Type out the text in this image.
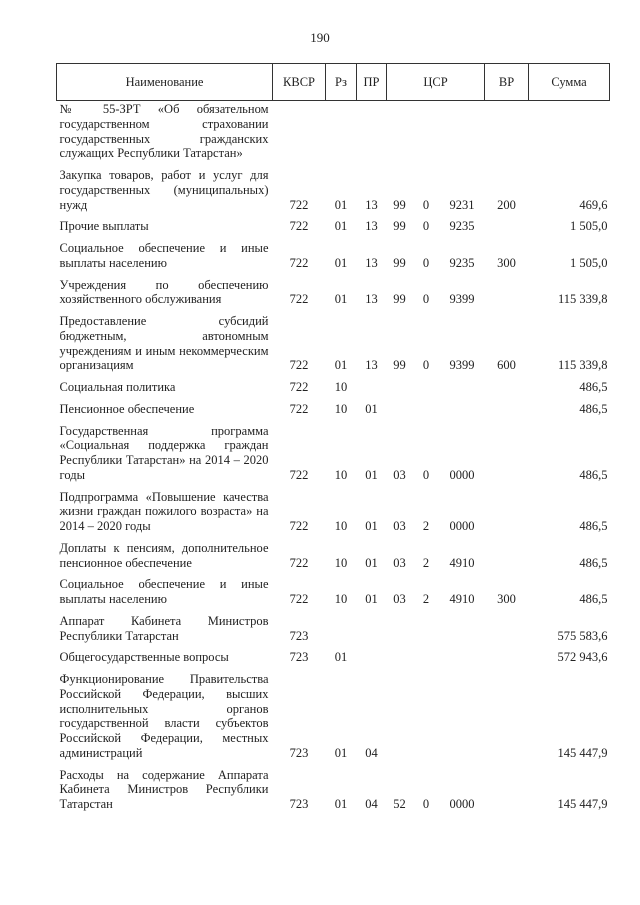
190
Наименование	КВСР	Рз	ПР	ЦСР			ВР	Сумма

№ 55-ЗРТ «Об обязательном государственном страховании государственных гражданских служащих Республики Татарстан»								

Закупка товаров, работ и услуг для государственных (муниципальных) нужд	722	01	13	99	0	9231	200	469,6

Прочие выплаты	722	01	13	99	0	9235		1 505,0

Социальное обеспечение и иные выплаты населению	722	01	13	99	0	9235	300	1 505,0

Учреждения по обеспечению хозяйственного обслуживания	722	01	13	99	0	9399		115 339,8

Предоставление субсидий бюджетным, автономным учреждениям и иным некоммерческим организациям	722	01	13	99	0	9399	600	115 339,8

Социальная политика	722	10						486,5

Пенсионное обеспечение	722	10	01					486,5

Государственная программа «Социальная поддержка граждан Республики Татарстан» на 2014 – 2020 годы	722	10	01	03	0	0000		486,5

Подпрограмма «Повышение качества жизни граждан пожилого возраста» на 2014 – 2020 годы	722	10	01	03	2	0000		486,5

Доплаты к пенсиям, дополнительное пенсионное обеспечение	722	10	01	03	2	4910		486,5

Социальное обеспечение и иные выплаты населению	722	10	01	03	2	4910	300	486,5

Аппарат Кабинета Министров Республики Татарстан	723							575 583,6

Общегосударственные вопросы	723	01						572 943,6

Функционирование Правительства Российской Федерации, высших исполнительных органов государственной власти субъектов Российской Федерации, местных администраций	723	01	04					145 447,9

Расходы на содержание Аппарата Кабинета Министров Республики Татарстан	723	01	04	52	0	0000		145 447,9
